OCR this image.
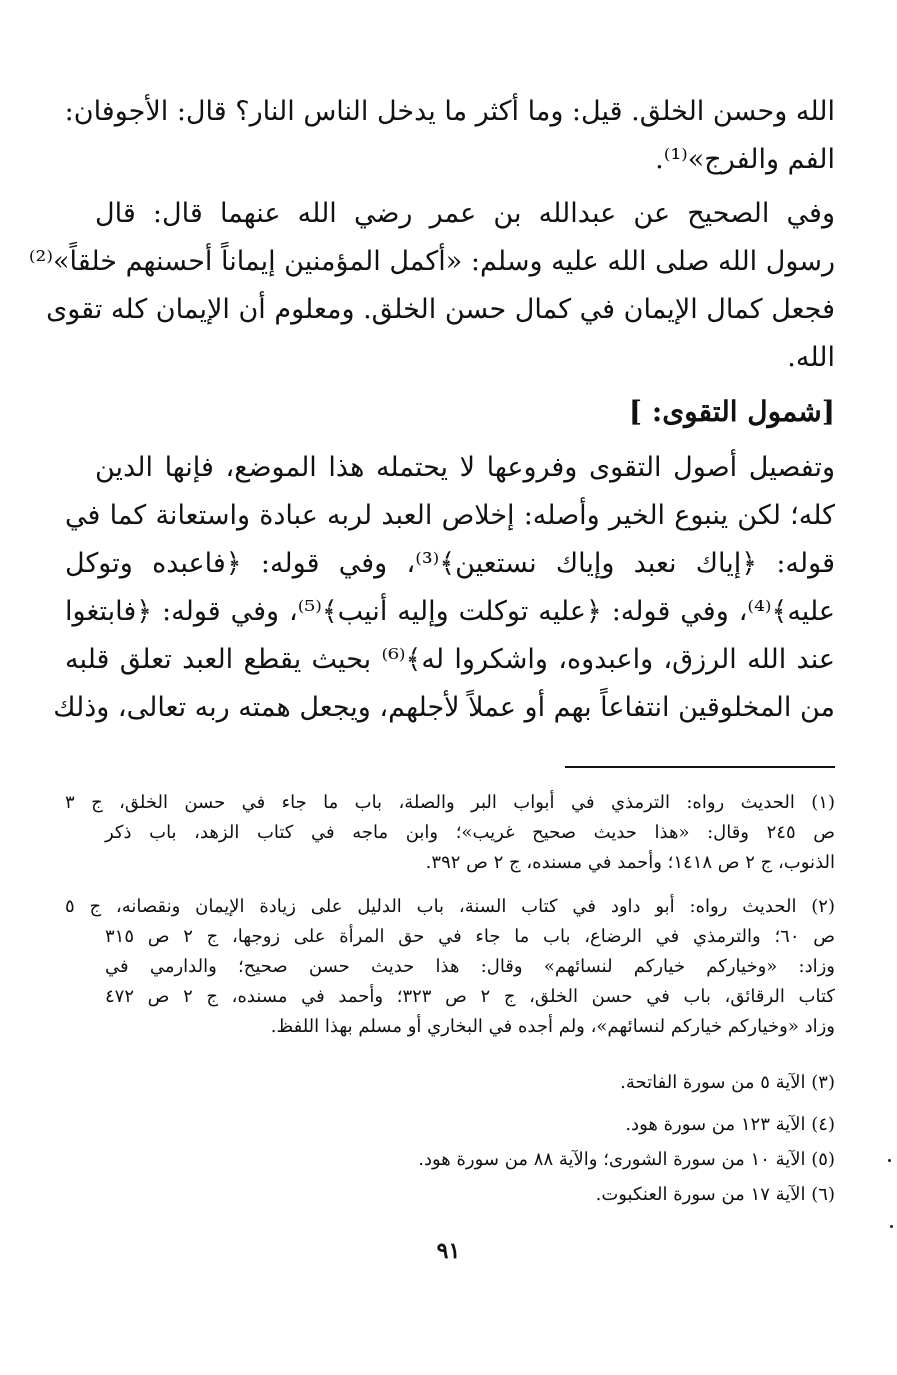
الله وحسن الخلق. قيل: وما أكثر ما يدخل الناس النار؟ قال: الأجوفان:
الفم والفرج»⁽¹⁾.
وفي الصحيح عن عبدالله بن عمر رضي الله عنهما قال: قال
رسول الله صلى الله عليه وسلم: «أكمل المؤمنين إيماناً أحسنهم خلقاً»⁽²⁾
فجعل كمال الإيمان في كمال حسن الخلق. ومعلوم أن الإيمان كله تقوى
الله.
[شمول التقوى: ]
وتفصيل أصول التقوى وفروعها لا يحتمله هذا الموضع، فإنها الدين
كله؛ لكن ينبوع الخير وأصله: إخلاص العبد لربه عبادة واستعانة كما في
قوله: ﴿إياك نعبد وإياك نستعين﴾⁽³⁾، وفي قوله: ﴿فاعبده وتوكل
عليه﴾⁽⁴⁾، وفي قوله: ﴿عليه توكلت وإليه أنيب﴾⁽⁵⁾، وفي قوله: ﴿فابتغوا
عند الله الرزق، واعبدوه، واشكروا له﴾⁽⁶⁾ بحيث يقطع العبد تعلق قلبه
من المخلوقين انتفاعاً بهم أو عملاً لأجلهم، ويجعل همته ربه تعالى، وذلك
(١) الحديث رواه: الترمذي في أبواب البر والصلة، باب ما جاء في حسن الخلق، ج ٣
ص ٢٤٥ وقال: «هذا حديث صحيح غريب»؛ وابن ماجه في كتاب الزهد، باب ذكر
الذنوب، ج ٢ ص ١٤١٨؛ وأحمد في مسنده، ج ٢ ص ٣٩٢.
(٢) الحديث رواه: أبو داود في كتاب السنة، باب الدليل على زيادة الإيمان ونقصانه، ج ٥
ص ٦٠؛ والترمذي في الرضاع، باب ما جاء في حق المرأة على زوجها، ج ٢ ص ٣١٥
وزاد: «وخياركم خياركم لنسائهم» وقال: هذا حديث حسن صحيح؛ والدارمي في
كتاب الرقائق، باب في حسن الخلق، ج ٢ ص ٣٢٣؛ وأحمد في مسنده، ج ٢ ص ٤٧٢
وزاد «وخياركم خياركم لنسائهم»، ولم أجده في البخاري أو مسلم بهذا اللفظ.
(٣) الآية ٥ من سورة الفاتحة.
(٤) الآية ١٢٣ من سورة هود.
(٥) الآية ١٠ من سورة الشورى؛ والآية ٨٨ من سورة هود.
(٦) الآية ١٧ من سورة العنكبوت.
٩١
